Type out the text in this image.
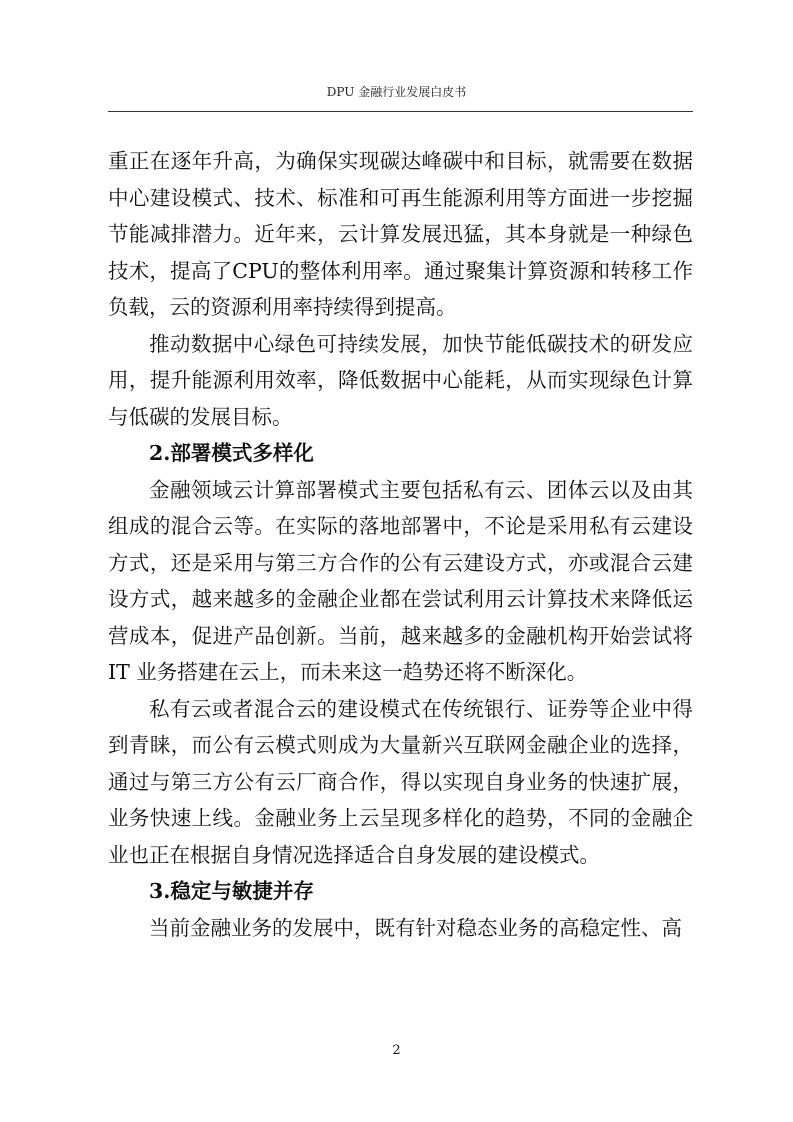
DPU 金融行业发展白皮书
重正在逐年升高，为确保实现碳达峰碳中和目标，就需要在数据
中心建设模式、技术、标准和可再生能源利用等方面进一步挖掘
节能减排潜力。近年来，云计算发展迅猛，其本身就是一种绿色
技术，提高了CPU的整体利用率。通过聚集计算资源和转移工作
负载，云的资源利用率持续得到提高。
推动数据中心绿色可持续发展，加快节能低碳技术的研发应
用，提升能源利用效率，降低数据中心能耗，从而实现绿色计算
与低碳的发展目标。
2.部署模式多样化
金融领域云计算部署模式主要包括私有云、团体云以及由其
组成的混合云等。在实际的落地部署中，不论是采用私有云建设
方式，还是采用与第三方合作的公有云建设方式，亦或混合云建
设方式，越来越多的金融企业都在尝试利用云计算技术来降低运
营成本，促进产品创新。当前，越来越多的金融机构开始尝试将
IT 业务搭建在云上，而未来这一趋势还将不断深化。
私有云或者混合云的建设模式在传统银行、证券等企业中得
到青睐，而公有云模式则成为大量新兴互联网金融企业的选择，
通过与第三方公有云厂商合作，得以实现自身业务的快速扩展，
业务快速上线。金融业务上云呈现多样化的趋势，不同的金融企
业也正在根据自身情况选择适合自身发展的建设模式。
3.稳定与敏捷并存
当前金融业务的发展中，既有针对稳态业务的高稳定性、高
2
